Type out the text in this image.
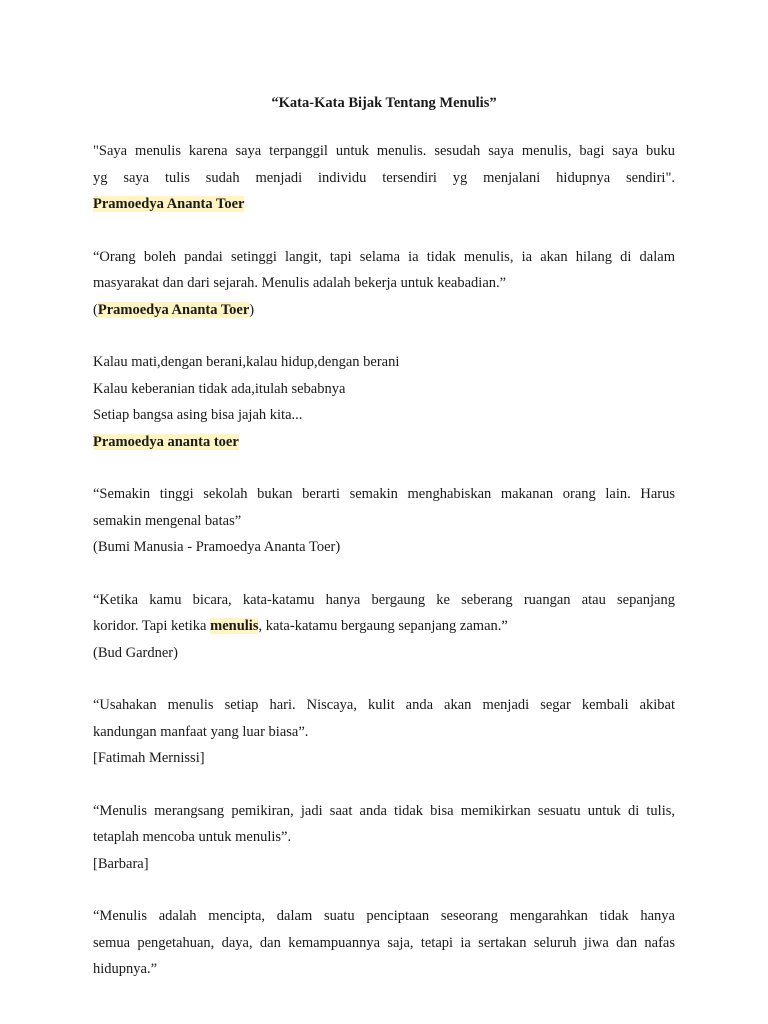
“Kata-Kata Bijak Tentang Menulis”

"Saya menulis karena saya terpanggil untuk menulis. sesudah saya menulis, bagi saya buku

yg saya tulis sudah menjadi individu tersendiri yg menjalani hidupnya sendiri".

Pramoedya Ananta Toer

“Orang boleh pandai setinggi langit, tapi selama ia tidak menulis, ia akan hilang di dalam

masyarakat dan dari sejarah. Menulis adalah bekerja untuk keabadian.”

(Pramoedya Ananta Toer)

Kalau mati,dengan berani,kalau hidup,dengan berani

Kalau keberanian tidak ada,itulah sebabnya

Setiap bangsa asing bisa jajah kita...

Pramoedya ananta toer

“Semakin tinggi sekolah bukan berarti semakin menghabiskan makanan orang lain. Harus

semakin mengenal batas”

(Bumi Manusia - Pramoedya Ananta Toer)

“Ketika kamu bicara, kata-katamu hanya bergaung ke seberang ruangan atau sepanjang

koridor. Tapi ketika menulis, kata-katamu bergaung sepanjang zaman.”

(Bud Gardner)

“Usahakan menulis setiap hari. Niscaya, kulit anda akan menjadi segar kembali akibat

kandungan manfaat yang luar biasa”.

[Fatimah Mernissi]

“Menulis merangsang pemikiran, jadi saat anda tidak bisa memikirkan sesuatu untuk di tulis,

tetaplah mencoba untuk menulis”.

[Barbara]

“Menulis adalah mencipta, dalam suatu penciptaan seseorang mengarahkan tidak hanya

semua pengetahuan, daya, dan kemampuannya saja, tetapi ia sertakan seluruh jiwa dan nafas

hidupnya.”
